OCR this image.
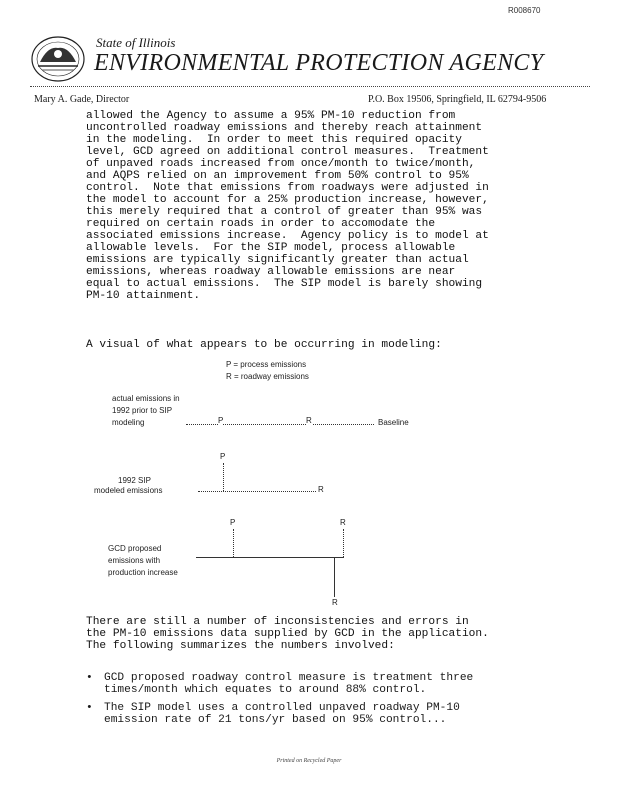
R008670
State of Illinois
ENVIRONMENTAL PROTECTION AGENCY
Mary A. Gade, Director	P.O. Box 19506, Springfield, IL 62794-9506
allowed the Agency to assume a 95% PM-10 reduction from
uncontrolled roadway emissions and thereby reach attainment
in the modeling.  In order to meet this required opacity
level, GCD agreed on additional control measures.  Treatment
of unpaved roads increased from once/month to twice/month,
and AQPS relied on an improvement from 50% control to 95%
control.  Note that emissions from roadways were adjusted in
the model to account for a 25% production increase, however,
this merely required that a control of greater than 95% was
required on certain roads in order to accomodate the
associated emissions increase.  Agency policy is to model at
allowable levels.  For the SIP model, process allowable
emissions are typically significantly greater than actual
emissions, whereas roadway allowable emissions are near
equal to actual emissions.  The SIP model is barely showing
PM-10 attainment.
A visual of what appears to be occurring in modeling:
P = process emissions
R = roadway emissions
actual emissions in
1992 prior to SIP
modeling	P	R	Baseline
P
1992 SIP
modeled emissions	R
P	R
GCD proposed
emissions with
production increase
R
There are still a number of inconsistencies and errors in
the PM-10 emissions data supplied by GCD in the application.
The following summarizes the numbers involved:
• GCD proposed roadway control measure is treatment three
times/month which equates to around 88% control.
• The SIP model uses a controlled unpaved roadway PM-10
emission rate of 21 tons/yr based on 95% control...
Printed on Recycled Paper
